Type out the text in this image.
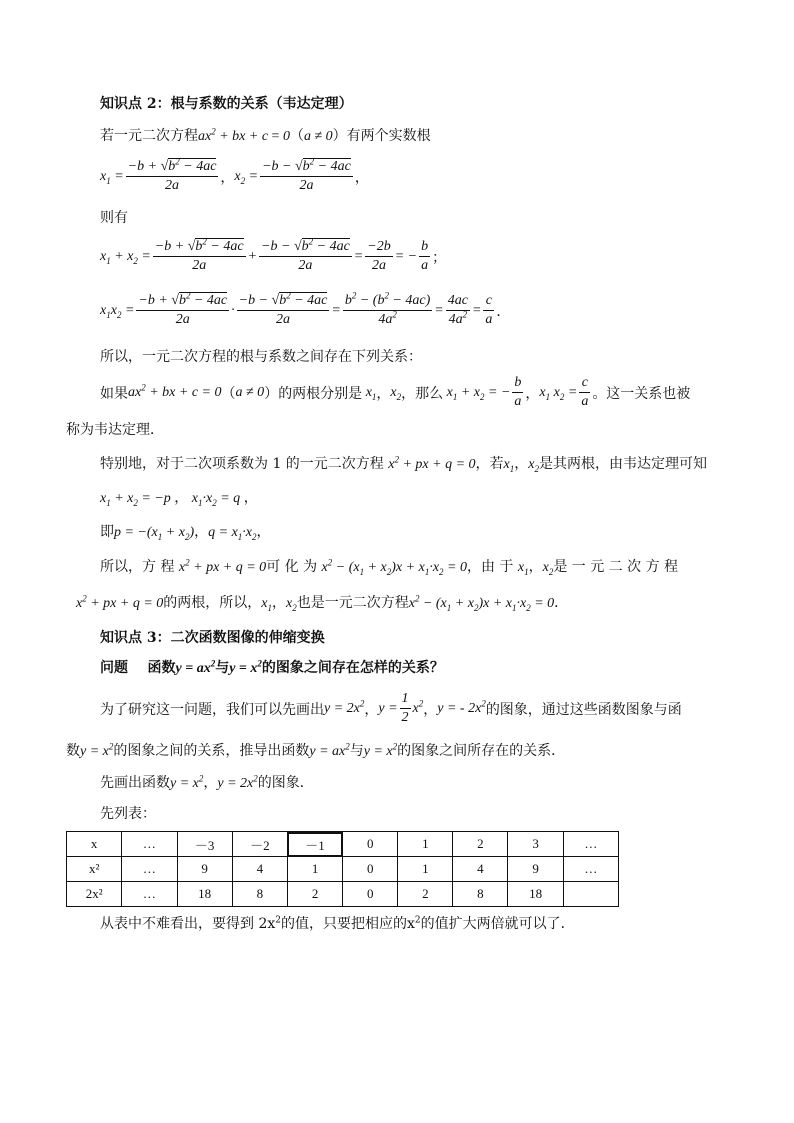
知识点 2：根与系数的关系（韦达定理）
若一元二次方程$ax^2$ + bx + c = 0（a ≠ 0）有两个实数根
$x_1 = \frac{-b + √b^2 - 4ac}{2a}$ ， $x_2 = \frac{-b - √b^2 - 4ac}{2a}$ ，
则有
$x_1 + x_2 = \frac{-b + √b^2 - 4ac}{2a} + \frac{-b - √b^2 - 4ac}{2a} = \frac{-2b}{2a}$ = − $\frac{b}{a}$ ；
$x_1x_2 = \frac{-b + √b^2 - 4ac}{2a} \cdot \frac{-b - √b^2 - 4ac}{2a} = \frac{b^2 - (b^2 - 4ac)}{4a^2} = \frac{4ac}{4a^2} = \frac{c}{a}$ ．
所以，一元二次方程的根与系数之间存在下列关系：
如果 $ax^2$ + bx + c = 0 （ a ≠ 0 ） 的两根分别是 $x_1$ ， $x_2$ ，那么 $x_1 + x_2$ = − $\frac{b}{a}$ ， $x_1$ $x_2 = \frac{c}{a}$ 。这一关系也被
称为韦达定理．
特别地，对于二次项系数为 1 的一元二次方程 $x^2$ + px + q = 0，若$x_1$，$x_2$是其两根，由韦达定理可知
$x_1 + x_2 = -p$ ， $x_1\cdot x_2 = q$ ，
即$p = -(x_1 + x_2)$，$q = x_1\cdot x_2$，
所以，方 程 $x^2$ + px + q = 0可 化 为 $x^2 - (x_1 + x_2)x + x_1\cdot x_2 = 0$，由 于 $x_1$，$x_2$是 一 元 二 次 方 程
$x^2$ + px + q = 0的两根，所以，$x_1$，$x_2$也是一元二次方程$x^2 - (x_1 + x_2)x + x_1\cdot x_2 = 0$．
知识点 3：二次函数图像的伸缩变换
问题 函数$y = ax^2$与$y = x^2$的图象之间存在怎样的关系？
为了研究这一问题，我们可以先画出 $y = 2x^2$ ， $y = \frac{1}{2} x^2$ ， y = - $2x^2$ 的图象，通过这些函数图象与函
数$y = x^2$的图象之间的关系，推导出函数$y = ax^2$与$y = x^2$的图象之间所存在的关系．
先画出函数$y = x^2$，$y = 2x^2$的图象．
先列表：
x	…	－3	－2	－1	0	1	2	3	…
x²	…	9	4	1	0	1	4	9	…
2x²	…	18	8	2	0	2	8	18	
从表中不难看出，要得到 $2x^2$的值，只要把相应的$x^2$的值扩大两倍就可以了．
